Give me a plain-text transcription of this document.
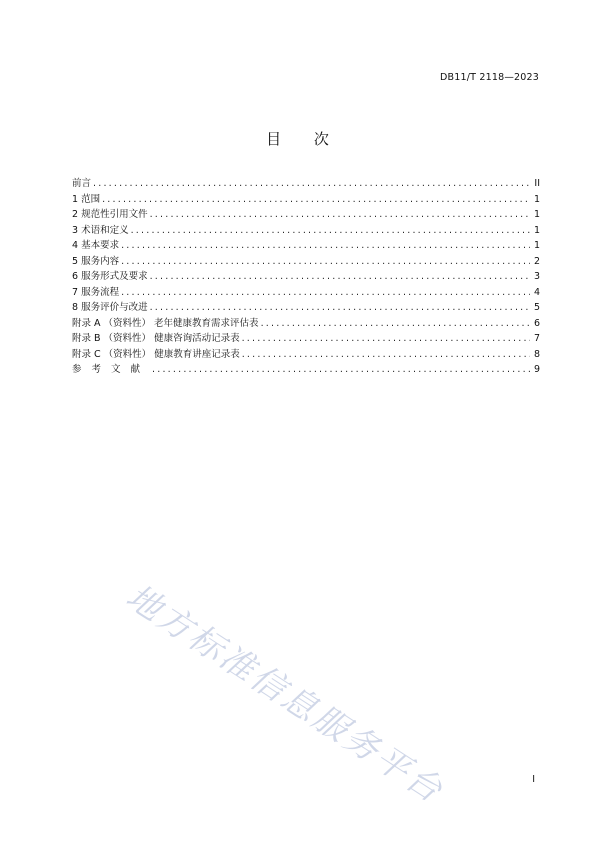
DB11/T 2118—2023
目 次
前言 .....	II
1 范围 .....	1
2 规范性引用文件 .....	1
3 术语和定义 .....	1
4 基本要求 .....	1
5 服务内容 .....	2
6 服务形式及要求 .....	3
7 服务流程 .....	4
8 服务评价与改进 .....	5
附录 A （资料性） 老年健康教育需求评估表 .....	6
附录 B （资料性） 健康咨询活动记录表 .....	7
附录 C （资料性） 健康教育讲座记录表 .....	8
参考文献 .....	9
地方标准信息服务平台	I
